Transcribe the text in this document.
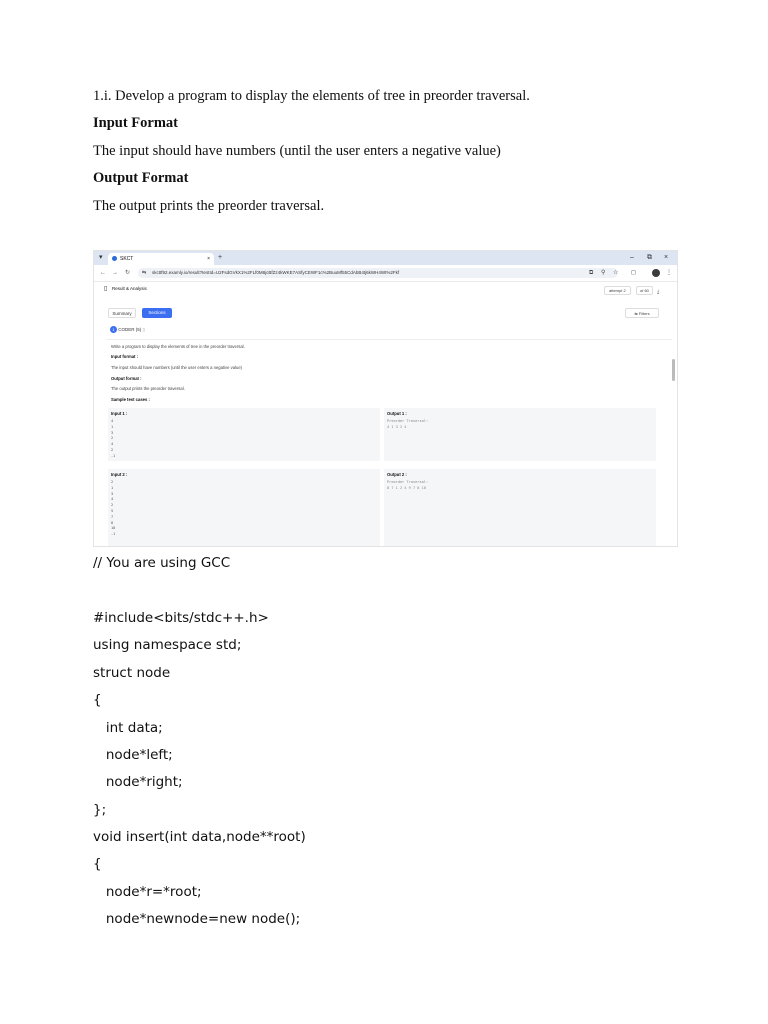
1.i. Develop a program to display the elements of tree in preorder traversal.
Input Format
The input should have numbers (until the user enters a negative value)
Output Format
The output prints the preorder traversal.
▾	SKCT	× +	– ⧉ ×
← → ↻ ⇆ skcttf92.examly.io/result?testId=U2FsdGVkX1%2FLf0M8jcBfZz4kWKE7ASfyCEWF1c%2BuuMf55CdAbB4tj6kWH4Wt%2Fkf	⧉ ⚲ ☆ ◻	⋮
▯ Result & Analysis	attempt 2	of 60	⤓
Summary	Sections	⇆ Filters
1 CODER (5) ▯
Write a program to display the elements of tree in the preorder traversal.
Input format :
The input should have numbers (until the user enters a negative value)
Output format :
The output prints the preorder traversal.
Sample test cases :
Input 1 :
4
1
3
2
4
2
-1
Output 1 :
Preorder Traversal:
4 1 3 2 4
Input 2 :
2
1
3
4
2
5
7
8
10
-1
Output 2 :
Preorder Traversal:
8 7 1 2 4 9 7 8 10
// You are using GCC
#include<bits/stdc++.h>
using namespace std;
struct node
{
int data;
node*left;
node*right;
};
void insert(int data,node**root)
{
node*r=*root;
node*newnode=new node();
